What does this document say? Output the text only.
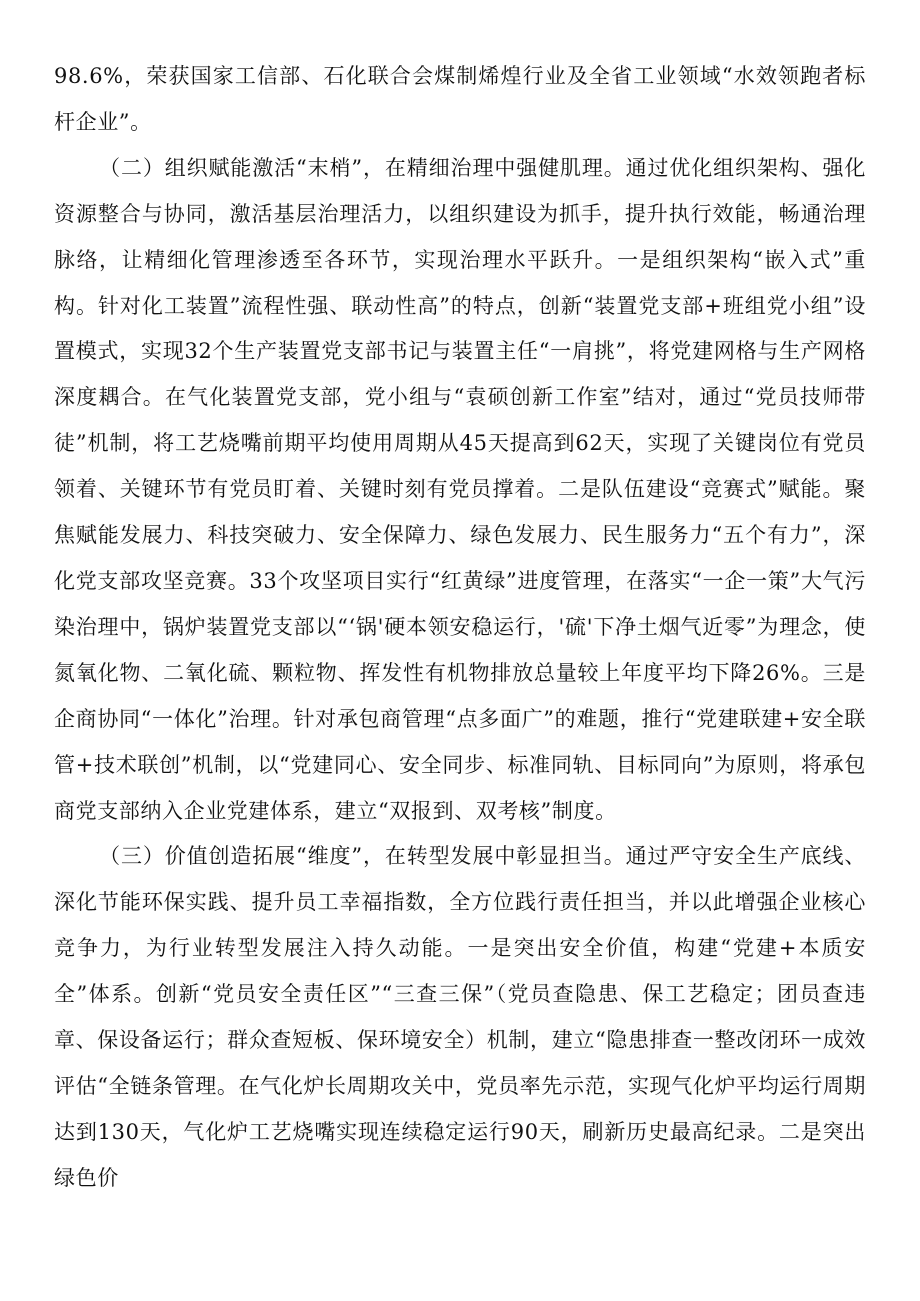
98.6%，荣获国家工信部、石化联合会煤制烯煌行业及全省工业领域“水效领跑者标杆企业”。

（二）组织赋能激活“末梢”，在精细治理中强健肌理。通过优化组织架构、强化资源整合与协同，激活基层治理活力，以组织建设为抓手，提升执行效能，畅通治理脉络，让精细化管理渗透至各环节，实现治理水平跃升。一是组织架构“嵌入式”重构。针对化工装置”流程性强、联动性高”的特点，创新“装置党支部+班组党小组”设置模式，实现32个生产装置党支部书记与装置主任“一肩挑”，将党建网格与生产网格深度耦合。在气化装置党支部，党小组与“袁硕创新工作室”结对，通过“党员技师带徒”机制，将工艺烧嘴前期平均使用周期从45天提高到62天，实现了关键岗位有党员领着、关键环节有党员盯着、关键时刻有党员撑着。二是队伍建设“竞赛式”赋能。聚焦赋能发展力、科技突破力、安全保障力、绿色发展力、民生服务力“五个有力”，深化党支部攻坚竞赛。33个攻坚项目实行“红黄绿”进度管理，在落实“一企一策”大气污染治理中，锅炉装置党支部以“‘锅'硬本领安稳运行，'硫'下净土烟气近零”为理念，使氮氧化物、二氧化硫、颗粒物、挥发性有机物排放总量较上年度平均下降26%。三是企商协同“一体化”治理。针对承包商管理“点多面广”的难题，推行“党建联建+安全联管+技术联创”机制，以“党建同心、安全同步、标准同轨、目标同向”为原则，将承包商党支部纳入企业党建体系，建立“双报到、双考核”制度。

（三）价值创造拓展“维度”，在转型发展中彰显担当。通过严守安全生产底线、深化节能环保实践、提升员工幸福指数，全方位践行责任担当，并以此增强企业核心竞争力，为行业转型发展注入持久动能。一是突出安全价值，构建“党建+本质安全”体系。创新“党员安全责任区”“三查三保”（党员查隐患、保工艺稳定；团员查违章、保设备运行；群众查短板、保环境安全）机制，建立“隐患排查一整改闭环一成效评估“全链条管理。在气化炉长周期攻关中，党员率先示范，实现气化炉平均运行周期达到130天，气化炉工艺烧嘴实现连续稳定运行90天，刷新历史最高纪录。二是突出绿色价
